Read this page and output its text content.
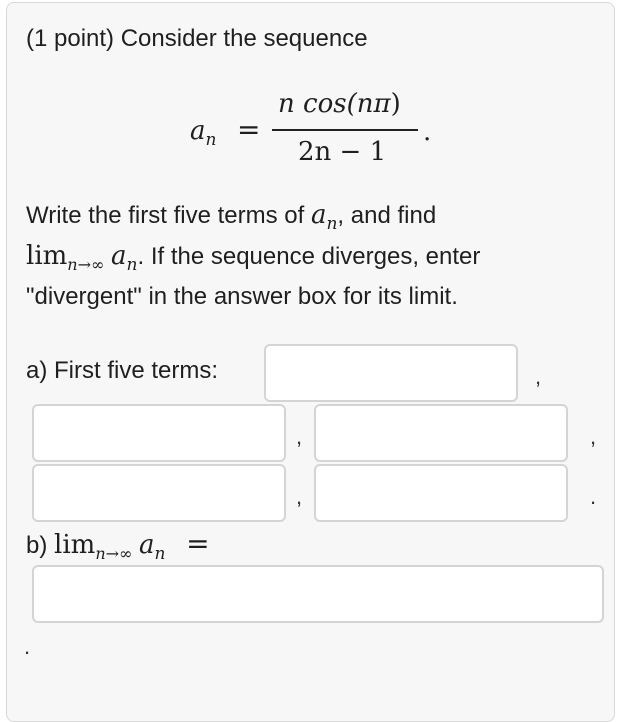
(1 point) Consider the sequence
$a_n$ =
n cos(nπ)
2n − 1
.
Write the first five terms of $a_n$, and find
$\lim_{n\to\infty} a_n$. If the sequence diverges, enter
"divergent" in the answer box for its limit.
a) First five terms:	,
,	,
,	.
b) $\lim_{n\to\infty} a_n$ =
.
